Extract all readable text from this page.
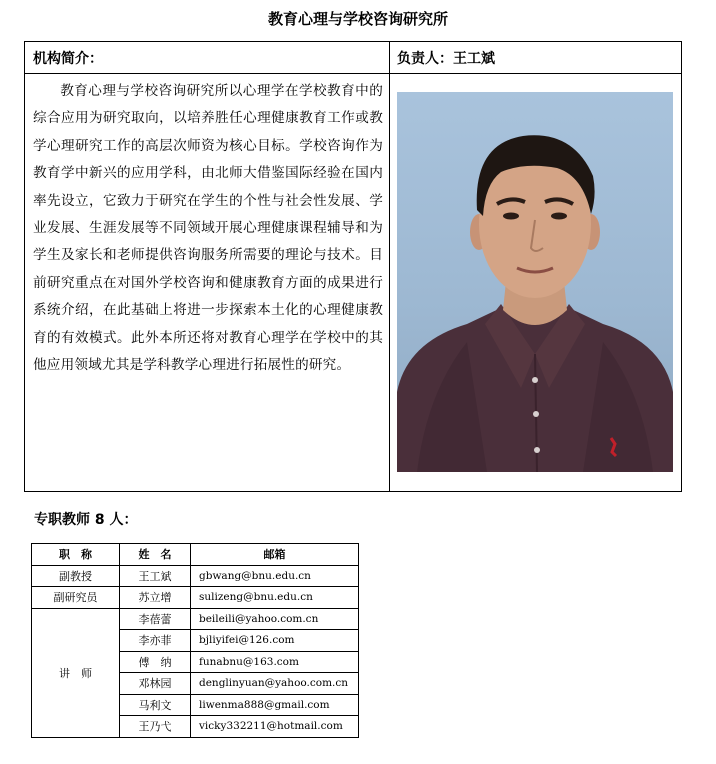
教育心理与学校咨询研究所
机构简介：	负责人：王工斌

教育心理与学校咨询研究所以心理学在学校教育中的综合应用为研究取向，以培养胜任心理健康教育工作或教学心理研究工作的高层次师资为核心目标。学校咨询作为教育学中新兴的应用学科，由北师大借鉴国际经验在国内率先设立，它致力于研究在学生的个性与社会性发展、学业发展、生涯发展等不同领域开展心理健康课程辅导和为学生及家长和老师提供咨询服务所需要的理论与技术。目前研究重点在对国外学校咨询和健康教育方面的成果进行系统介绍，在此基础上将进一步探索本土化的心理健康教育的有效模式。此外本所还将对教育心理学在学校中的其他应用领域尤其是学科教学心理进行拓展性的研究。

专职教师 8 人：
职　称	姓　名	邮箱
副教授	王工斌	gbwang@bnu.edu.cn
副研究员	苏立增	sulizeng@bnu.edu.cn
讲　师	李蓓蕾	beileili@yahoo.com.cn
	李亦菲	bjliyifei@126.com
	傅　纳	funabnu@163.com
	邓林园	denglinyuan@yahoo.com.cn
	马利文	liwenma888@gmail.com
	王乃弋	vicky332211@hotmail.com
